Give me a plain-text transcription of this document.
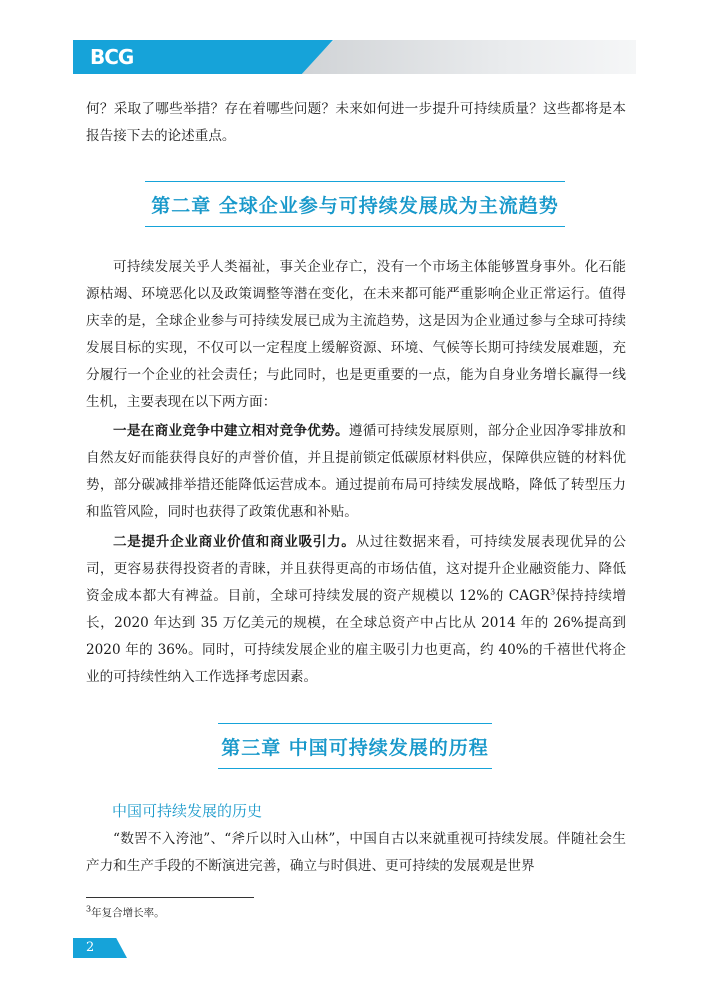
BCG

何？采取了哪些举措？存在着哪些问题？未来如何进一步提升可持续质量？这些都将是本报告接下去的论述重点。

第二章 全球企业参与可持续发展成为主流趋势

可持续发展关乎人类福祉，事关企业存亡，没有一个市场主体能够置身事外。化石能源枯竭、环境恶化以及政策调整等潜在变化，在未来都可能严重影响企业正常运行。值得庆幸的是，全球企业参与可持续发展已成为主流趋势，这是因为企业通过参与全球可持续发展目标的实现，不仅可以一定程度上缓解资源、环境、气候等长期可持续发展难题，充分履行一个企业的社会责任；与此同时，也是更重要的一点，能为自身业务增长赢得一线生机，主要表现在以下两方面：

一是在商业竞争中建立相对竞争优势。遵循可持续发展原则，部分企业因净零排放和自然友好而能获得良好的声誉价值，并且提前锁定低碳原材料供应，保障供应链的材料优势，部分碳减排举措还能降低运营成本。通过提前布局可持续发展战略，降低了转型压力和监管风险，同时也获得了政策优惠和补贴。

二是提升企业商业价值和商业吸引力。从过往数据来看，可持续发展表现优异的公司，更容易获得投资者的青睐，并且获得更高的市场估值，这对提升企业融资能力、降低资金成本都大有裨益。目前，全球可持续发展的资产规模以 12%的 CAGR$^3$保持持续增长，2020 年达到 35 万亿美元的规模，在全球总资产中占比从 2014 年的 26%提高到 2020 年的 36%。同时，可持续发展企业的雇主吸引力也更高，约 40%的千禧世代将企业的可持续性纳入工作选择考虑因素。

第三章 中国可持续发展的历程
中国可持续发展的历史

“数罟不入洿池”、“斧斤以时入山林”，中国自古以来就重视可持续发展。伴随社会生产力和生产手段的不断演进完善，确立与时俱进、更可持续的发展观是世界

$^3$年复合增长率。
2
